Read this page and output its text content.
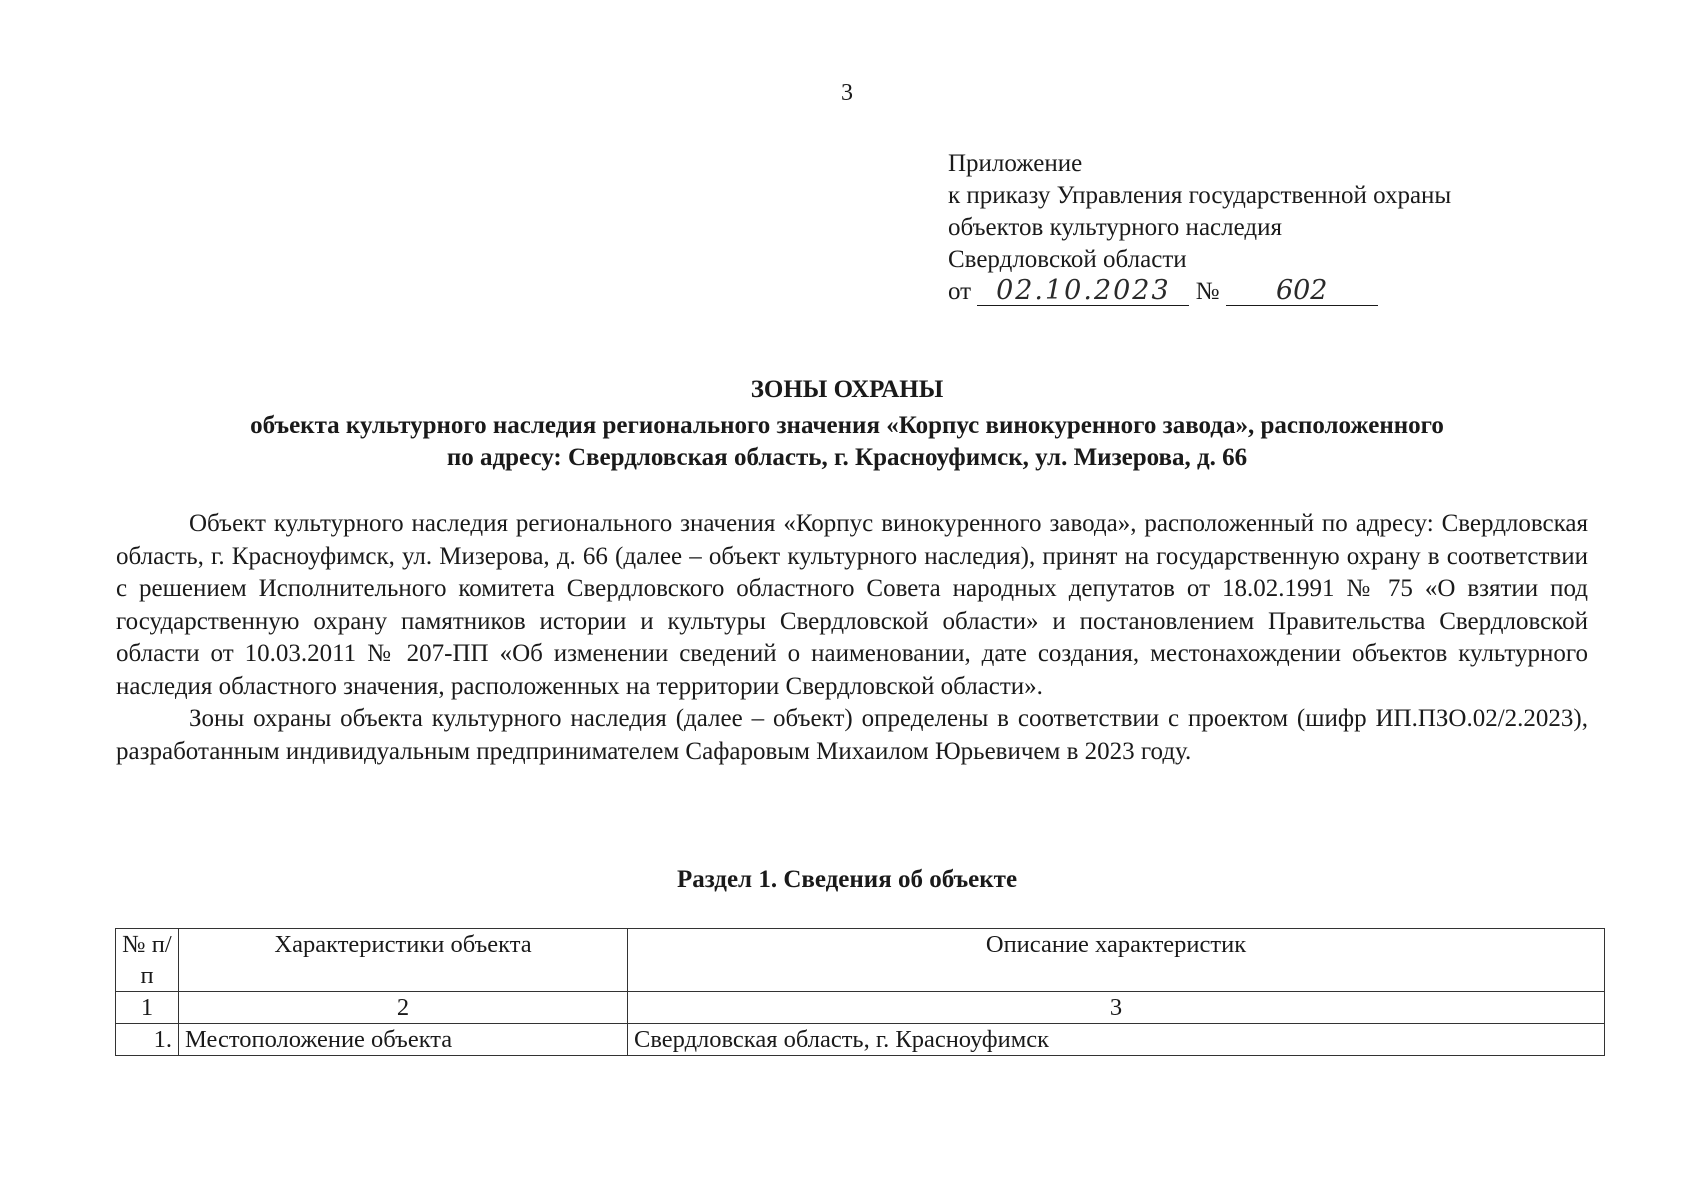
3
Приложение
к приказу Управления государственной охраны
объектов культурного наследия
Свердловской области
от 02.10.2023 № 602
ЗОНЫ ОХРАНЫ
объекта культурного наследия регионального значения «Корпус винокуренного завода», расположенного
по адресу: Свердловская область, г. Красноуфимск, ул. Мизерова, д. 66

Объект культурного наследия регионального значения «Корпус винокуренного завода», расположенный по адресу: Свердловская область, г. Красноуфимск, ул. Мизерова, д. 66 (далее – объект культурного наследия), принят на государственную охрану в соответствии с решением Исполнительного комитета Свердловского областного Совета народных депутатов от 18.02.1991 № 75 «О взятии под государственную охрану памятников истории и культуры Свердловской области» и постановлением Правительства Свердловской области от 10.03.2011 № 207-ПП «Об изменении сведений о наименовании, дате создания, местонахождении объектов культурного наследия областного значения, расположенных на территории Свердловской области».

Зоны охраны объекта культурного наследия (далее – объект) определены в соответствии с проектом (шифр ИП.ПЗО.02/2.2023), разработанным индивидуальным предпринимателем Сафаровым Михаилом Юрьевичем в 2023 году.

Раздел 1. Сведения об объекте
№ п/п	Характеристики объекта	Описание характеристик
1	2	3
1.	Местоположение объекта	Свердловская область, г. Красноуфимск
